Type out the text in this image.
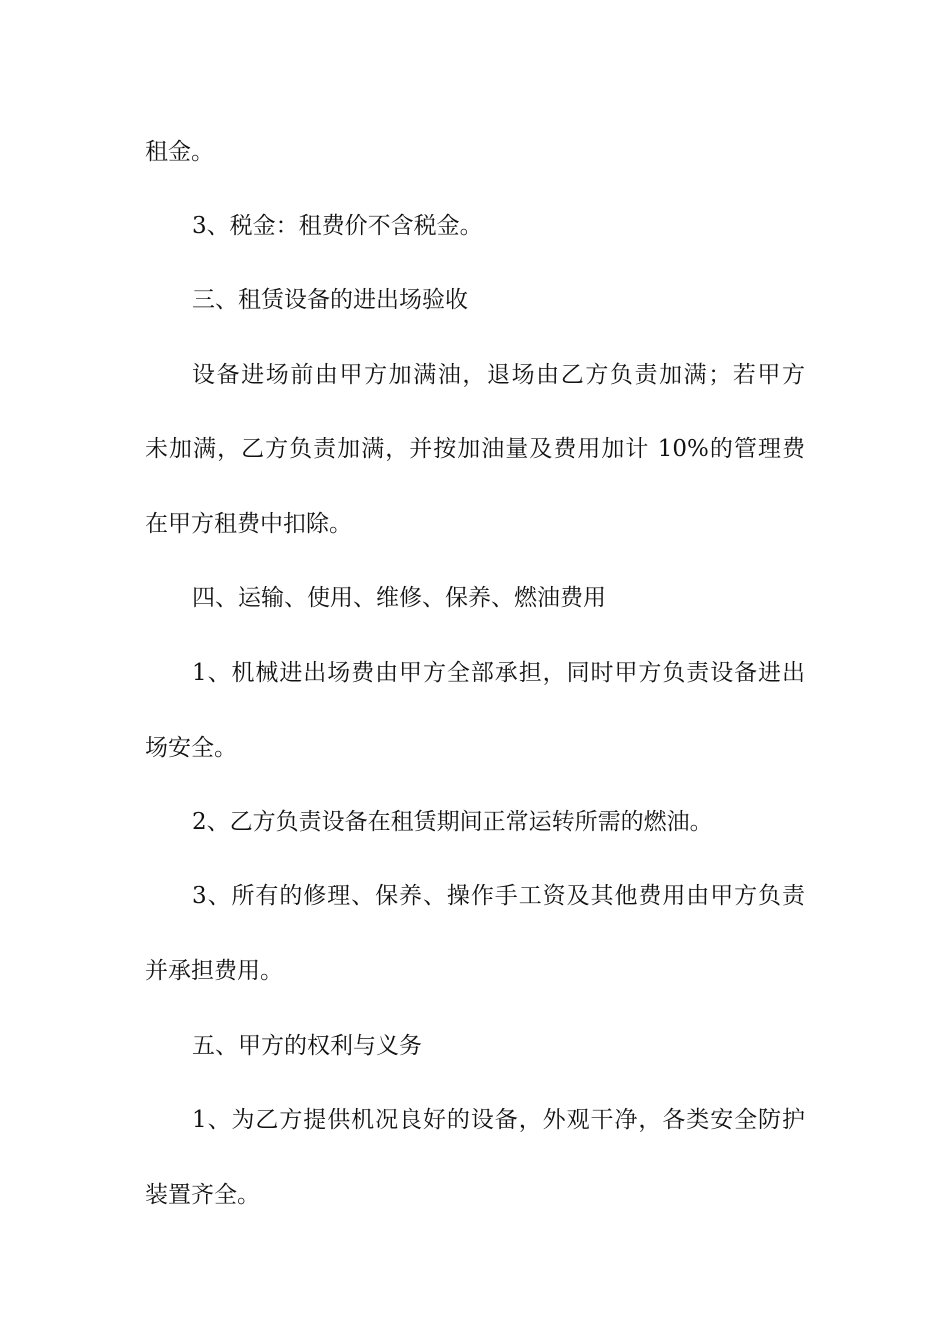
租金。
3、税金：租费价不含税金。
三、租赁设备的进出场验收
设备进场前由甲方加满油，退场由乙方负责加满；若甲方
未加满，乙方负责加满，并按加油量及费用加计 10%的管理费
在甲方租费中扣除。
四、运输、使用、维修、保养、燃油费用
1、机械进出场费由甲方全部承担，同时甲方负责设备进出
场安全。
2、乙方负责设备在租赁期间正常运转所需的燃油。
3、所有的修理、保养、操作手工资及其他费用由甲方负责
并承担费用。
五、甲方的权利与义务
1、为乙方提供机况良好的设备，外观干净，各类安全防护
装置齐全。
